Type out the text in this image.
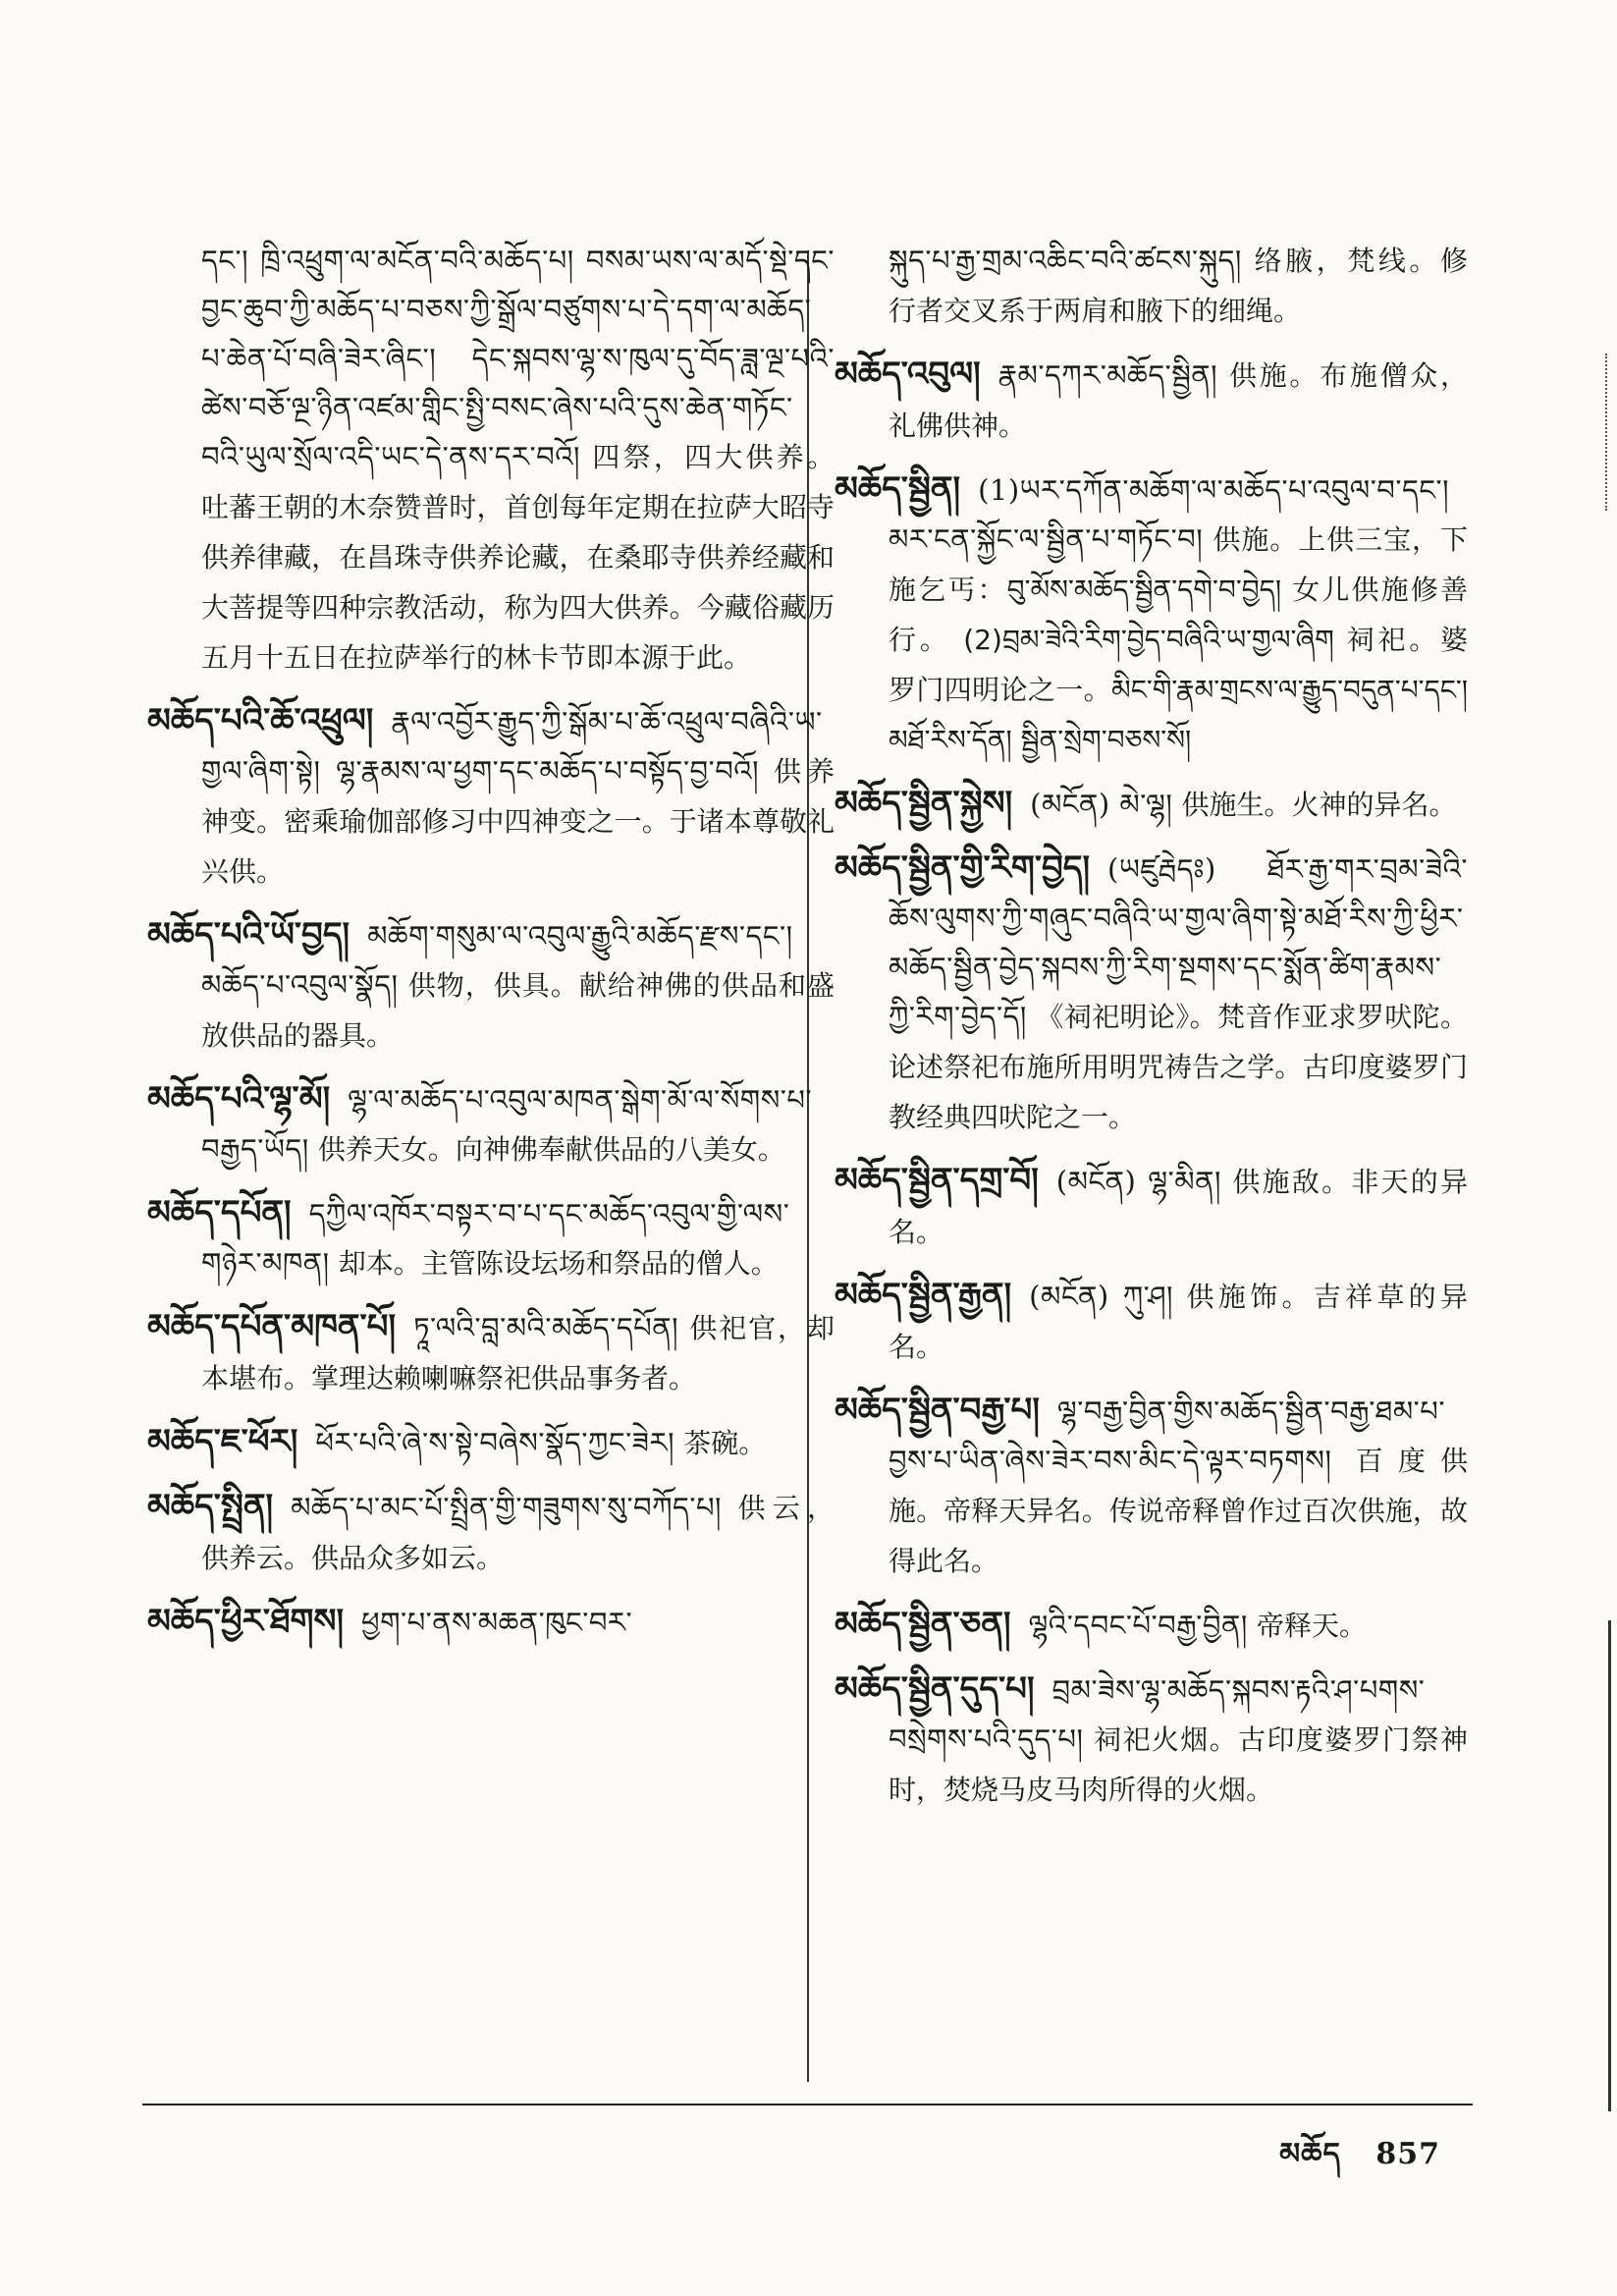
དང་། ཁྲི་འཕྲུག་ལ་མངོན་བའི་མཆོད་པ། བསམ་ཡས་ལ་མདོ་སྡེ་དང་བྱང་ཆུབ་ཀྱི་མཆོད་པ་བཅས་ཀྱི་སྒྲོལ་བཙུགས་པ་དེ་དག་ལ་མཆོད་པ་ཆེན་པོ་བཞི་ཟེར་ཞིང་། དེང་སྐབས་ལྷ་ས་ཁུལ་དུ་བོད་ཟླ་ལྔ་པའི་ཚེས་བཅོ་ལྔ་ཉིན་འཛམ་གླིང་སྤྱི་བསང་ཞེས་པའི་དུས་ཆེན་གཏོང་བའི་ཡུལ་སྲོལ་འདི་ཡང་དེ་ནས་དར་བའོ། 四祭，四大供养。吐蕃王朝的木奈赞普时，首创每年定期在拉萨大昭寺供养律藏，在昌珠寺供养论藏，在桑耶寺供养经藏和大菩提等四种宗教活动，称为四大供养。今藏俗藏历五月十五日在拉萨举行的林卡节即本源于此。
མཆོད་པའི་ཆོ་འཕྲུལ། རྣལ་འབྱོར་རྒྱུད་ཀྱི་སྒོམ་པ་ཆོ་འཕྲུལ་བཞིའི་ཡ་གྱལ་ཞིག་སྟེ། ལྷ་རྣམས་ལ་ཕྱག་དང་མཆོད་པ་བསྟོད་བྱ་བའོ། 供养神变。密乘瑜伽部修习中四神变之一。于诸本尊敬礼兴供。
མཆོད་པའི་ཡོ་བྱད། མཆོག་གསུམ་ལ་འབུལ་རྒྱུའི་མཆོད་རྫས་དང་། མཆོད་པ་འབུལ་སྣོད། 供物，供具。献给神佛的供品和盛放供品的器具。
མཆོད་པའི་ལྷ་མོ། ལྷ་ལ་མཆོད་པ་འབུལ་མཁན་སྒེག་མོ་ལ་སོགས་པ་བརྒྱད་ཡོད། 供养天女。向神佛奉献供品的八美女。
མཆོད་དཔོན། དཀྱིལ་འཁོར་བསྟར་བ་པ་དང་མཆོད་འབུལ་གྱི་ལས་གཉེར་མཁན། 却本。主管陈设坛场和祭品的僧人。
མཆོད་དཔོན་མཁན་པོ། ཏཱ་ལའི་བླ་མའི་མཆོད་དཔོན། 供祀官，却本堪布。掌理达赖喇嘛祭祀供品事务者。
མཆོད་ཇ་ཕོར། ཕོར་པའི་ཞེ་ས་སྟེ་བཞེས་སྣོད་ཀྱང་ཟེར། 茶碗。
མཆོད་སྤྲིན། མཆོད་པ་མང་པོ་སྤྲིན་གྱི་གཟུགས་སུ་བཀོད་པ། 供云，供养云。供品众多如云。
མཆོད་ཕྱིར་ཐོགས། ཕྱག་པ་ནས་མཆན་ཁུང་བར་
སྐུད་པ་རྒྱ་གྲམ་འཆིང་བའི་ཚངས་སྐུད། 络腋，梵线。修行者交叉系于两肩和腋下的细绳。
མཆོད་འབུལ། རྣམ་དཀར་མཆོད་སྦྱིན། 供施。布施僧众，礼佛供神。
མཆོད་སྦྱིན། (1)ཡར་དཀོན་མཆོག་ལ་མཆོད་པ་འབུལ་བ་དང་། མར་ངན་སྐྱོང་ལ་སྦྱིན་པ་གཏོང་བ། 供施。上供三宝，下施乞丐：བུ་མོས་མཆོད་སྦྱིན་དགེ་བ་བྱེད། 女儿供施修善行。 (2)བྲམ་ཟེའི་རིག་བྱེད་བཞིའི་ཡ་གྱལ་ཞིག 祠祀。婆罗门四明论之一。མིང་གི་རྣམ་གྲངས་ལ་རྒྱུད་བདུན་པ་དང་། མཐོ་རིས་དོན། སྦྱིན་སྲེག་བཅས་སོ།
མཆོད་སྦྱིན་སྐྱེས། (མངོན) མེ་ལྷ། 供施生。火神的异名。
མཆོད་སྦྱིན་གྱི་རིག་བྱེད། (ཡཛུརྦེདཿ) ཐོར་རྒྱ་གར་བྲམ་ཟེའི་ཆོས་ལུགས་ཀྱི་གཞུང་བཞིའི་ཡ་གྱལ་ཞིག་སྟེ་མཐོ་རིས་ཀྱི་ཕྱིར་མཆོད་སྦྱིན་བྱེད་སྐབས་ཀྱི་རིག་སྔགས་དང་སྨོན་ཚིག་རྣམས་ཀྱི་རིག་བྱེད་དོ། 《祠祀明论》。梵音作亚求罗吠陀。论述祭祀布施所用明咒祷告之学。古印度婆罗门教经典四吠陀之一。
མཆོད་སྦྱིན་དགྲ་བོ། (མངོན) ལྷ་མིན། 供施敌。非天的异名。
མཆོད་སྦྱིན་རྒྱན། (མངོན) ཀུ་ཤ། 供施饰。吉祥草的异名。
མཆོད་སྦྱིན་བརྒྱ་པ། ལྷ་བརྒྱ་བྱིན་གྱིས་མཆོད་སྦྱིན་བརྒྱ་ཐམ་པ་བྱས་པ་ཡིན་ཞེས་ཟེར་བས་མིང་དེ་ལྟར་བཏགས། 百度供施。帝释天异名。传说帝释曾作过百次供施，故得此名。
མཆོད་སྦྱིན་ཅན། ལྷའི་དབང་པོ་བརྒྱ་བྱིན། 帝释天。
མཆོད་སྦྱིན་དུད་པ། བྲམ་ཟེས་ལྷ་མཆོད་སྐབས་རྟའི་ཤ་པགས་བསྲེགས་པའི་དུད་པ། 祠祀火烟。古印度婆罗门祭神时，焚烧马皮马肉所得的火烟。
མཆོད 857
